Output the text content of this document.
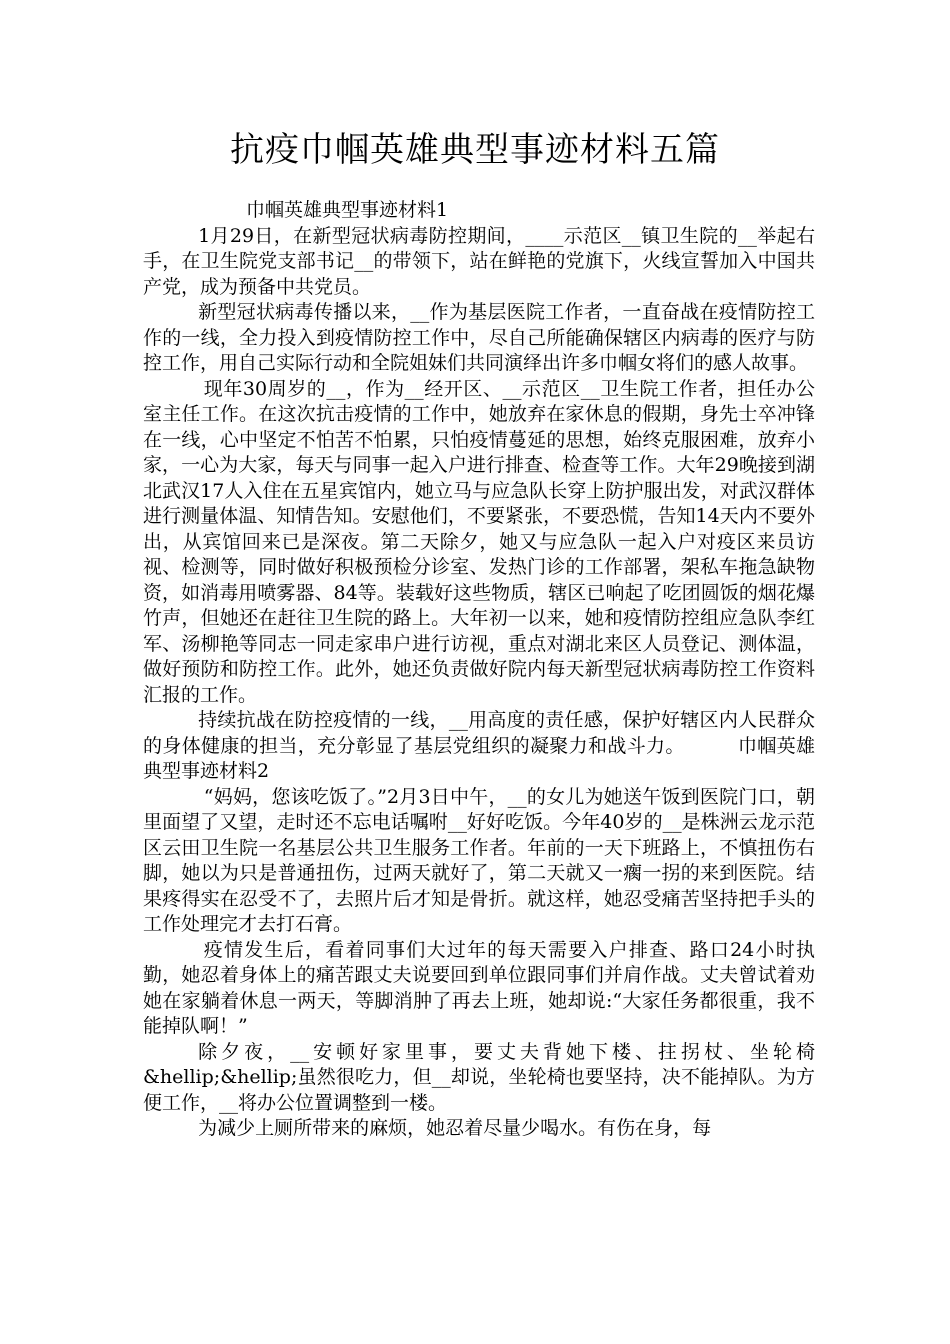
抗疫巾帼英雄典型事迹材料五篇

巾帼英雄典型事迹材料1

1月29日，在新型冠状病毒防控期间，____示范区__镇卫生院的__举起右手，在卫生院党支部书记__的带领下，站在鲜艳的党旗下，火线宣誓加入中国共产党，成为预备中共党员。

新型冠状病毒传播以来，__作为基层医院工作者，一直奋战在疫情防控工作的一线，全力投入到疫情防控工作中，尽自己所能确保辖区内病毒的医疗与防控工作，用自己实际行动和全院姐妹们共同演绎出许多巾帼女将们的感人故事。

现年30周岁的__，作为__经开区、__示范区__卫生院工作者，担任办公室主任工作。在这次抗击疫情的工作中，她放弃在家休息的假期，身先士卒冲锋在一线，心中坚定不怕苦不怕累，只怕疫情蔓延的思想，始终克服困难，放弃小家，一心为大家，每天与同事一起入户进行排查、检查等工作。大年29晚接到湖北武汉17人入住在五星宾馆内，她立马与应急队长穿上防护服出发，对武汉群体进行测量体温、知情告知。安慰他们，不要紧张，不要恐慌，告知14天内不要外出，从宾馆回来已是深夜。第二天除夕，她又与应急队一起入户对疫区来员访视、检测等，同时做好积极预检分诊室、发热门诊的工作部署，架私车拖急缺物资，如消毒用喷雾器、84等。装载好这些物质，辖区已响起了吃团圆饭的烟花爆竹声，但她还在赶往卫生院的路上。大年初一以来，她和疫情防控组应急队李红军、汤柳艳等同志一同走家串户进行访视，重点对湖北来区人员登记、测体温，做好预防和防控工作。此外，她还负责做好院内每天新型冠状病毒防控工作资料汇报的工作。

持续抗战在防控疫情的一线，__用高度的责任感，保护好辖区内人民群众的身体健康的担当，充分彰显了基层党组织的凝聚力和战斗力。	巾帼英雄典型事迹材料2

“妈妈，您该吃饭了。”2月3日中午，__的女儿为她送午饭到医院门口，朝里面望了又望，走时还不忘电话嘱咐__好好吃饭。今年40岁的__是株洲云龙示范区云田卫生院一名基层公共卫生服务工作者。年前的一天下班路上，不慎扭伤右脚，她以为只是普通扭伤，过两天就好了，第二天就又一瘸一拐的来到医院。结果疼得实在忍受不了，去照片后才知是骨折。就这样，她忍受痛苦坚持把手头的工作处理完才去打石膏。

疫情发生后，看着同事们大过年的每天需要入户排查、路口24小时执勤，她忍着身体上的痛苦跟丈夫说要回到单位跟同事们并肩作战。丈夫曾试着劝她在家躺着休息一两天，等脚消肿了再去上班，她却说:“大家任务都很重，我不能掉队啊！”

除夕夜，__安顿好家里事，要丈夫背她下楼、拄拐杖、坐轮椅&hellip;&hellip;虽然很吃力，但__却说，坐轮椅也要坚持，决不能掉队。为方便工作，__将办公位置调整到一楼。

为减少上厕所带来的麻烦，她忍着尽量少喝水。有伤在身，每
